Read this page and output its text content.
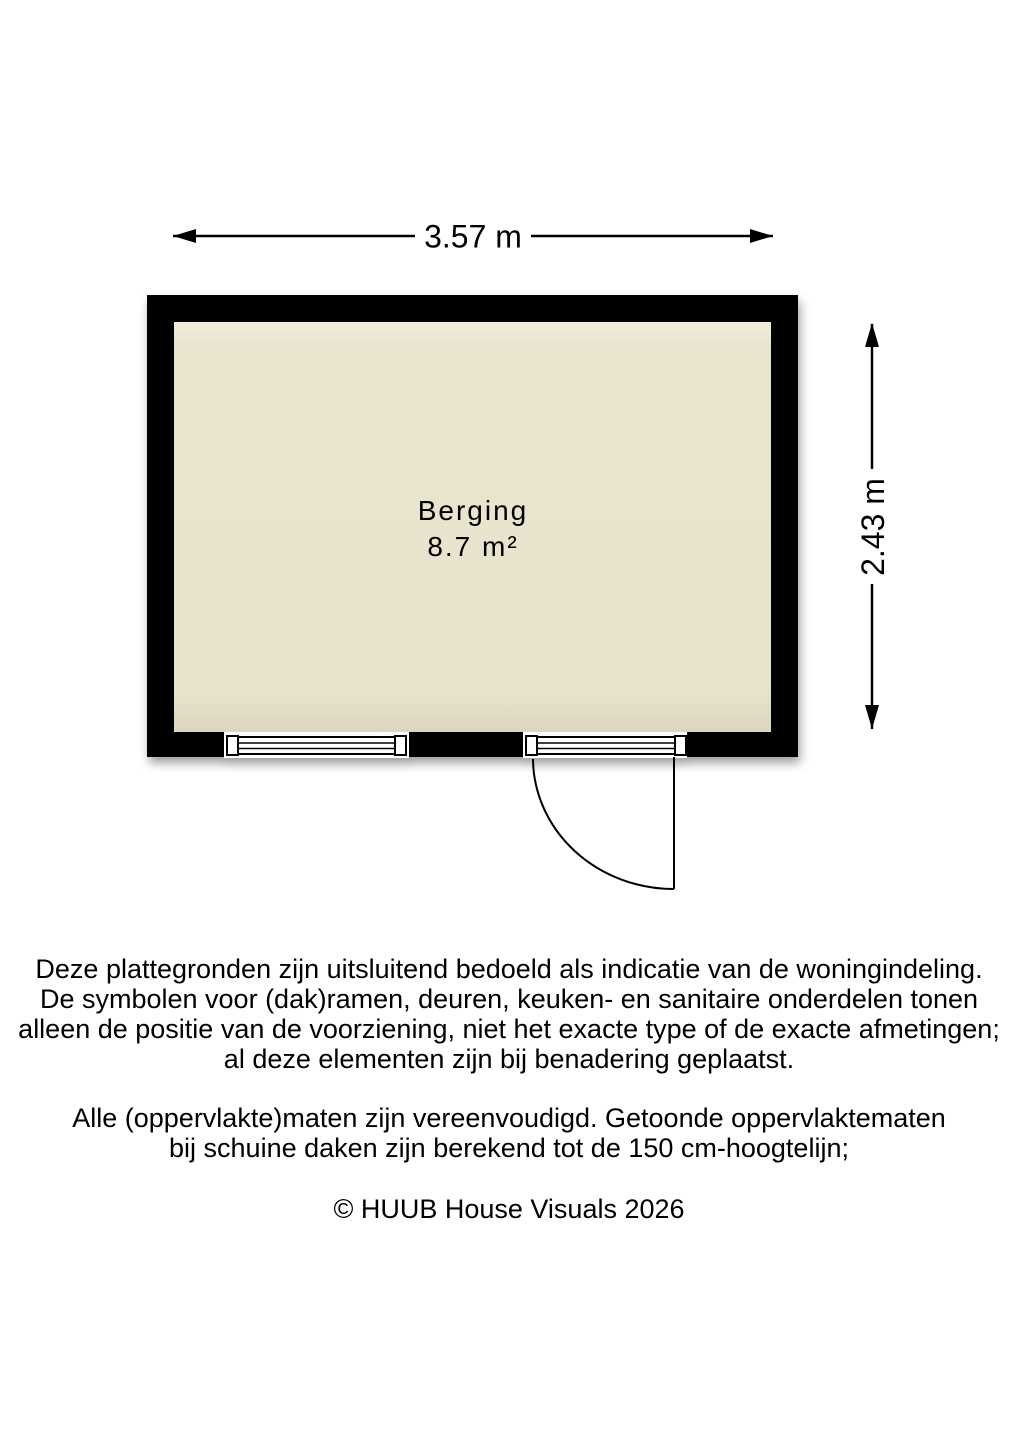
3.57 m
2.43 m
Berging
8.7 m²
Deze plattegronden zijn uitsluitend bedoeld als indicatie van de woningindeling.
De symbolen voor (dak)ramen, deuren, keuken- en sanitaire onderdelen tonen
alleen de positie van de voorziening, niet het exacte type of de exacte afmetingen;
al deze elementen zijn bij benadering geplaatst.
Alle (oppervlakte)maten zijn vereenvoudigd. Getoonde oppervlaktematen
bij schuine daken zijn berekend tot de 150 cm-hoogtelijn;
© HUUB House Visuals 2026
